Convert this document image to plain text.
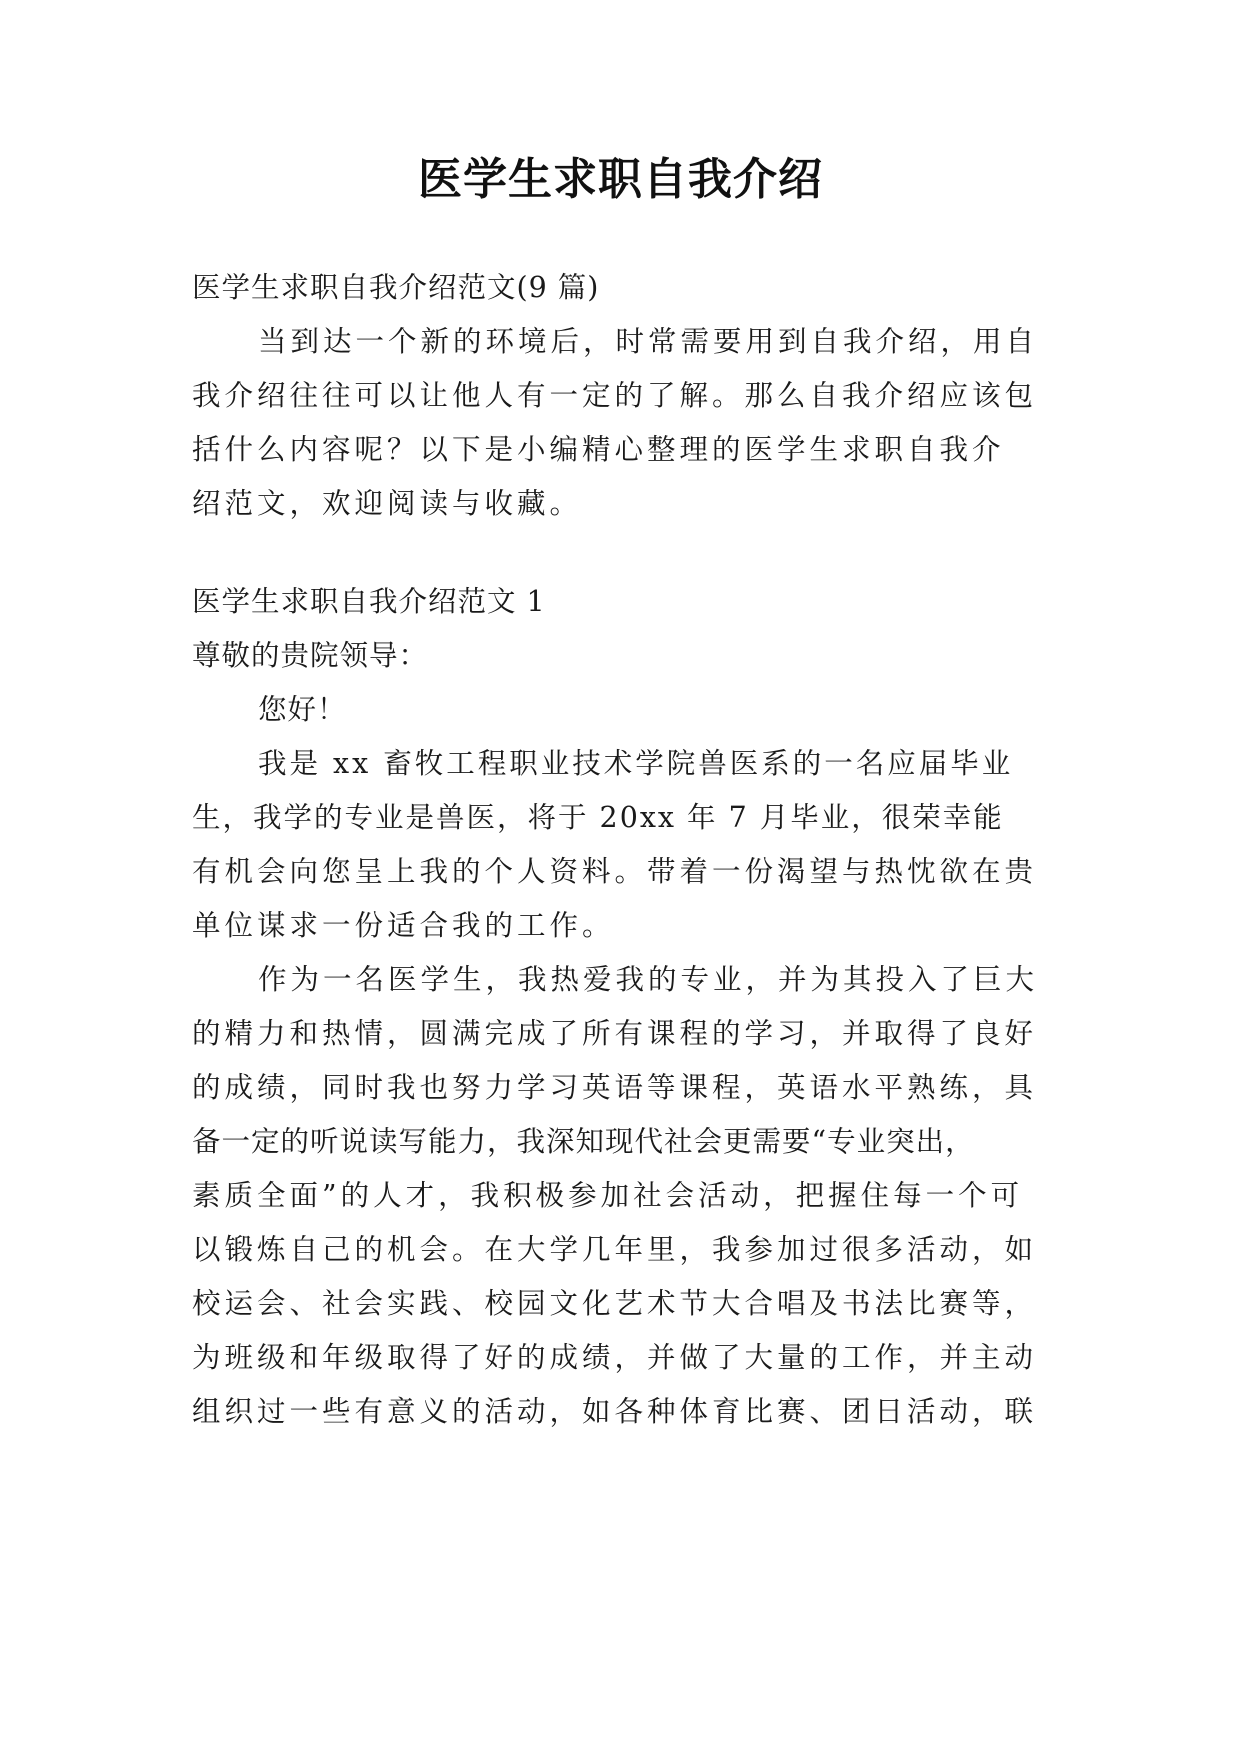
医学生求职自我介绍
医学生求职自我介绍范文(9 篇)
当到达一个新的环境后，时常需要用到自我介绍，用自
我介绍往往可以让他人有一定的了解。那么自我介绍应该包
括什么内容呢？以下是小编精心整理的医学生求职自我介
绍范文，欢迎阅读与收藏。
医学生求职自我介绍范文 1
尊敬的贵院领导：
您好！
我是 xx 畜牧工程职业技术学院兽医系的一名应届毕业
生，我学的专业是兽医，将于 20xx 年 7 月毕业，很荣幸能
有机会向您呈上我的个人资料。带着一份渴望与热忱欲在贵
单位谋求一份适合我的工作。
作为一名医学生，我热爱我的专业，并为其投入了巨大
的精力和热情，圆满完成了所有课程的学习，并取得了良好
的成绩，同时我也努力学习英语等课程，英语水平熟练，具
备一定的听说读写能力，我深知现代社会更需要“专业突出，
素质全面”的人才，我积极参加社会活动，把握住每一个可
以锻炼自己的机会。在大学几年里，我参加过很多活动，如
校运会、社会实践、校园文化艺术节大合唱及书法比赛等，
为班级和年级取得了好的成绩，并做了大量的工作，并主动
组织过一些有意义的活动，如各种体育比赛、团日活动，联
